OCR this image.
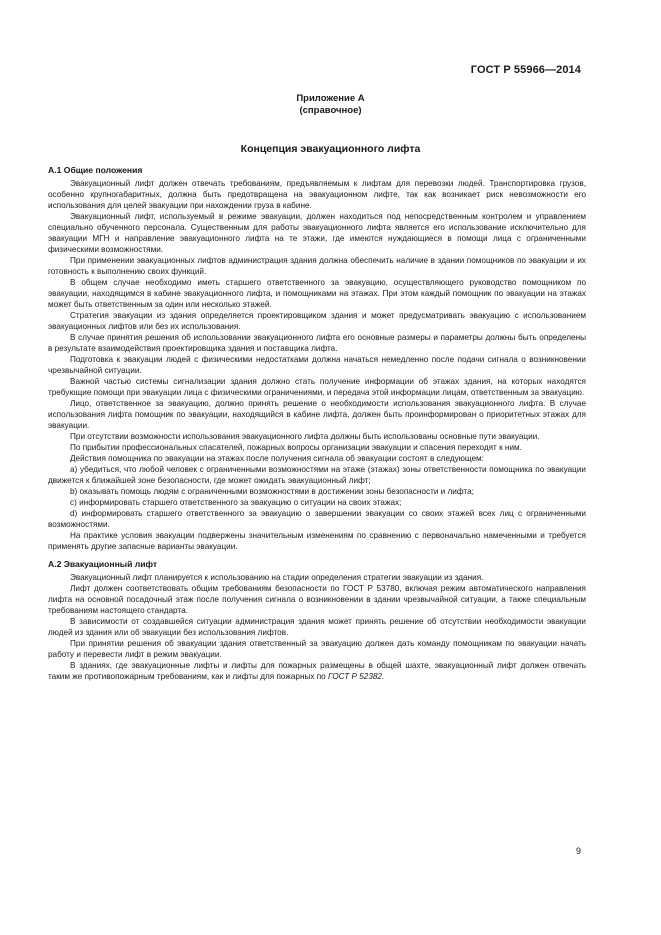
ГОСТ Р 55966—2014
Приложение А
(справочное)
Концепция эвакуационного лифта
А.1 Общие положения

Эвакуационный лифт должен отвечать требованиям, предъявляемым к лифтам для перевозки людей. Транспортировка грузов, особенно крупногабаритных, должна быть предотвращена на эвакуационном лифте, так как возникает риск невозможности его использования для целей эвакуации при нахождении груза в кабине.

Эвакуационный лифт, используемый в режиме эвакуации, должен находиться под непосредственным контролем и управлением специально обученного персонала. Существенным для работы эвакуационного лифта является его использование исключительно для эвакуации МГН и направление эвакуационного лифта на те этажи, где имеются нуждающиеся в помощи лица с ограниченными физическими возможностями.

При применении эвакуационных лифтов администрация здания должна обеспечить наличие в здании помощников по эвакуации и их готовность к выполнению своих функций.

В общем случае необходимо иметь старшего ответственного за эвакуацию, осуществляющего руководство помощником по эвакуации, находящимся в кабине эвакуационного лифта, и помощниками на этажах. При этом каждый помощник по эвакуации на этажах может быть ответственным за один или несколько этажей.

Стратегия эвакуации из здания определяется проектировщиком здания и может предусматривать эвакуацию с использованием эвакуационных лифтов или без их использования.

В случае принятия решения об использовании эвакуационного лифта его основные размеры и параметры должны быть определены в результате взаимодействия проектировщика здания и поставщика лифта.

Подготовка к эвакуации людей с физическими недостатками должна начаться немедленно после подачи сигнала о возникновении чрезвычайной ситуации.

Важной частью системы сигнализации здания должно стать получение информации об этажах здания, на которых находятся требующие помощи при эвакуации лица с физическими ограничениями, и передача этой информации лицам, ответственным за эвакуацию.

Лицо, ответственное за эвакуацию, должно принять решение о необходимости использования эвакуационного лифта. В случае использования лифта помощник по эвакуации, находящийся в кабине лифта, должен быть проинформирован о приоритетных этажах для эвакуации.

При отсутствии возможности использования эвакуационного лифта должны быть использованы основные пути эвакуации.

По прибытии профессиональных спасателей, пожарных вопросы организации эвакуации и спасения переходят к ним.

Действия помощника по эвакуации на этажах после получения сигнала об эвакуации состоят в следующем:

а) убедиться, что любой человек с ограниченными возможностями на этаже (этажах) зоны ответственности помощника по эвакуации движется к ближайшей зоне безопасности, где может ожидать эвакуационный лифт;

b) оказывать помощь людям с ограниченными возможностями в достижении зоны безопасности и лифта;

с) информировать старшего ответственного за эвакуацию о ситуации на своих этажах;

d) информировать старшего ответственного за эвакуацию о завершении эвакуации со своих этажей всех лиц с ограниченными возможностями.

На практике условия эвакуации подвержены значительным изменениям по сравнению с первоначально намеченными и требуется применять другие запасные варианты эвакуации.

А.2 Эвакуационный лифт

Эвакуационный лифт планируется к использованию на стадии определения стратегии эвакуации из здания.

Лифт должен соответствовать общим требованиям безопасности по ГОСТ Р 53780, включая режим автоматического направления лифта на основной посадочный этаж после получения сигнала о возникновении в здании чрезвычайной ситуации, а также специальным требованиям настоящего стандарта.

В зависимости от создавшейся ситуации администрация здания может принять решение об отсутствии необходимости эвакуации людей из здания или об эвакуации без использования лифтов.

При принятии решения об эвакуации здания ответственный за эвакуацию должен дать команду помощникам по эвакуации начать работу и перевести лифт в режим эвакуации.

В зданиях, где эвакуационные лифты и лифты для пожарных размещены в общей шахте, эвакуационный лифт должен отвечать таким же противопожарным требованиям, как и лифты для пожарных по ГОСТ Р 52382.

9
